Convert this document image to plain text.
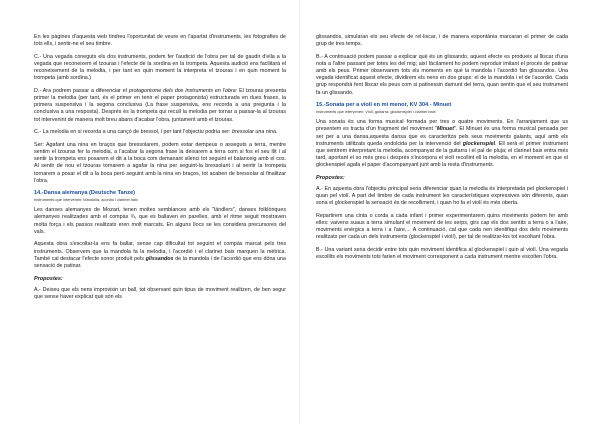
En les pàgines d'aquesta web tindreu l'oportunitat de veure en l'apartat d'instruments, les fotografies de tots ells, i sentir-ne el seu timbre.

C.- Una vegada coneguts els dos instruments, podem fer l'audició de l'obra per tal de gaudir d'ella a la vegada que reconeixem el tzouras i l'efecte de la sordina en la trompeta. Aquesta audició ens facilitarà el reconeixement de la melodia, i per tant en quin moment la interpreta el tzouras i en quin moment la trompeta (amb sordina.)

D.- Ara podrem passar a diferenciar el protagonisme dels dos instruments en l'obra: El tzouras presenta primer la melodia (per tant, és el primer en tenir el paper protagonista) estructurada en dues frases, la primera suspensiva i la segona conclusiva (La frase suspensiva, ens recorda a una pregunta i la conclusiva a una resposta). Després és la trompeta qui recull la melodia per tornar a passar-la al tzouras tot intervenint de manera molt breu abans d'acabar l'obra, juntament amb el tzouras.

C.- La melodia en si recorda a una cançó de bressol, i per tant l'objectiu podria ser: bressolar una nina.

Ser: Agafant una nina en braços que bressolarem, podem estar dempeus o asseguts a terra, mentre sentim el tzouras fer la melodia, a l'acabar la segona frase la deixarem a terra com si fos el seu llit i al sentir la trompeta ens posarem el dit a la boca com demanant silenci tot seguint el balanceig amb el cos. Al sentir de nou el tzouras tornarem a agafar la nina per seguint-la bressolant i al sentir la trompeta tornarem a posar el dit a la boca però seguint amb la nina en braços, tot acaben de bressolar al finalitzar l'obra.

14.-Dansa alemanya (Deutsche Tanze)
Instruments que intervenen: Mandolla, acordió i clarinet baix

Les danses alemanyes de Mozart, tenen moltes semblances amb els "ländlers", danses folklòriques alemanyes realitzades amb el compàs ¾, que es ballaven en parelles, amb el ritme seguit mostraven molta força i els passos realitzats eren molt marcats. En alguns llocs se les considera precursores del vals.

Aquesta obra s'escoltar-la ens fa ballar, sense cap dificultat tot seguint el compàs marcat pels tres instruments. Observem que la mandola fa la melodia, i l'acordió i el clarinet baix marquen la mètrica. També cal destacar l'efecte sonor produït pels glissandos de la mandola i de l'acordió que ens dóna una sensació de patinar.

Propostes:

A.- Deixeu que els nens improvisin un ball, tot observant quin tipus de moviment realitzen, de ben segur que sense haver explicat què són els

glissandos, simularan els seu efecte de rel·liscar, i de manera espontània marcaran el primer de cada grup de tres temps.

B.- A continuació podem passar a explicar què és un glissando, aquest efecte es produeix al lliscar d'una nota a l'altre passant per totes les del mig; així fàcilament ho podem reproduir imitant el procés de patinar amb els peus. Primer observarem tots els moments en què la mandola i l'acordió fan glissandos. Una vegada identificat aquest efecte, dividirem els nens en dos grups: el de la mandola i el de l'acordió. Cada grup respondrà fent lliscar els peus com si patinessin damunt del terra, quan sentin que el seu instrument fa un glissando.

15.-Sonata per a violí en mi menor, KV 304 - Minuet
Instruments que intervenen: Violí, guitarra, glockenspiel i clarinet baix

Una sonata és una forma musical formada per tres o quatre moviments. En l'arranjament que us presentem es tracta d'un fragment del moviment "Minuet". El Minuet és una forma musical pensada per ser per a una dansa,aquesta dansa que es caracteritza pels seus moviments galants, aquí amb els instruments utilitzats queda endolcida per la intervenció del glockenspiel. Ell serà el primer instrument que sentirem interpretant la melodia, acompanyat de la guitarra i el pal de pluja; el clarinet baix entra més tard, aportant el so més greu i després s'incorpora el violí recollint ell la melodia, en el moment en que el glockenspiel agafa el paper d'acompanyant junt amb la resta d'instruments.

Propostes:

A.- En aquesta obra l'objectiu principal seria diferenciar quan la melodia és interpretada pel glockenspiel i quan pel violí. A part del timbre de cada instrument les característiques expressives són diferents, quan sona el glockenspiel la sensació és de recolliment, i quan ho fa el violí és més oberta.

Repartirem una cinta o corda a cada infant i primer experimentarem quins moviments podem fer amb elles: vaivens suaus a terra simulant el moviment de les serps, girs cap els dos sentits a terra o a l'aire, moviments enèrgics a terra i a l'aire,... A continuació, cal que cada nen identifiqui dos dels moviments realitzats per cada un dels instruments (glockenspiel i violí), per tal de realitzar-los tot escoltant l'obra.

B.- Una variant seria decidir entre tots quin moviment identifica al glockenspiel i quin al violí. Una vegada escollits els moviments tots farien el moviment corresponent a cada instrument mentre escolten l'obra.
